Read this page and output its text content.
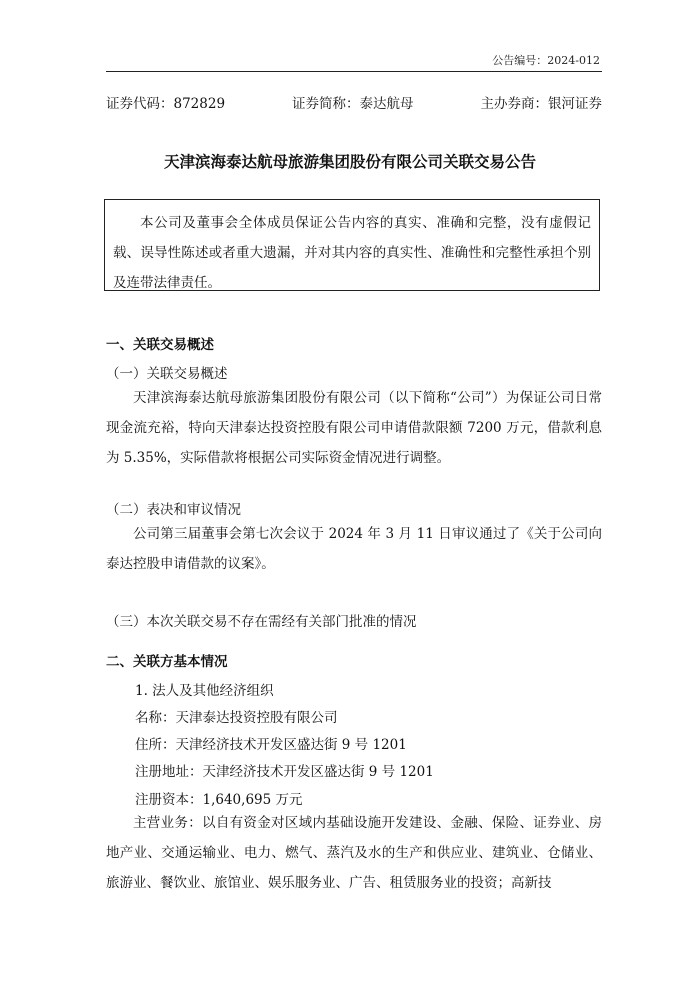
公告编号：2024-012
证券代码：872829	证券简称：泰达航母	主办券商：银河证券
天津滨海泰达航母旅游集团股份有限公司关联交易公告

本公司及董事会全体成员保证公告内容的真实、准确和完整，没有虚假记载、误导性陈述或者重大遗漏，并对其内容的真实性、准确性和完整性承担个别及连带法律责任。

一、关联交易概述
（一）关联交易概述

天津滨海泰达航母旅游集团股份有限公司（以下简称“公司”）为保证公司日常现金流充裕，特向天津泰达投资控股有限公司申请借款限额 7200 万元，借款利息为 5.35%，实际借款将根据公司实际资金情况进行调整。

（二）表决和审议情况

公司第三届董事会第七次会议于 2024 年 3 月 11 日审议通过了《关于公司向泰达控股申请借款的议案》。

（三）本次关联交易不存在需经有关部门批准的情况
二、关联方基本情况
1. 法人及其他经济组织
名称：天津泰达投资控股有限公司
住所：天津经济技术开发区盛达街 9 号 1201
注册地址：天津经济技术开发区盛达街 9 号 1201
注册资本：1,640,695 万元

主营业务：以自有资金对区域内基础设施开发建设、金融、保险、证券业、房地产业、交通运输业、电力、燃气、蒸汽及水的生产和供应业、建筑业、仓储业、旅游业、餐饮业、旅馆业、娱乐服务业、广告、租赁服务业的投资；高新技
